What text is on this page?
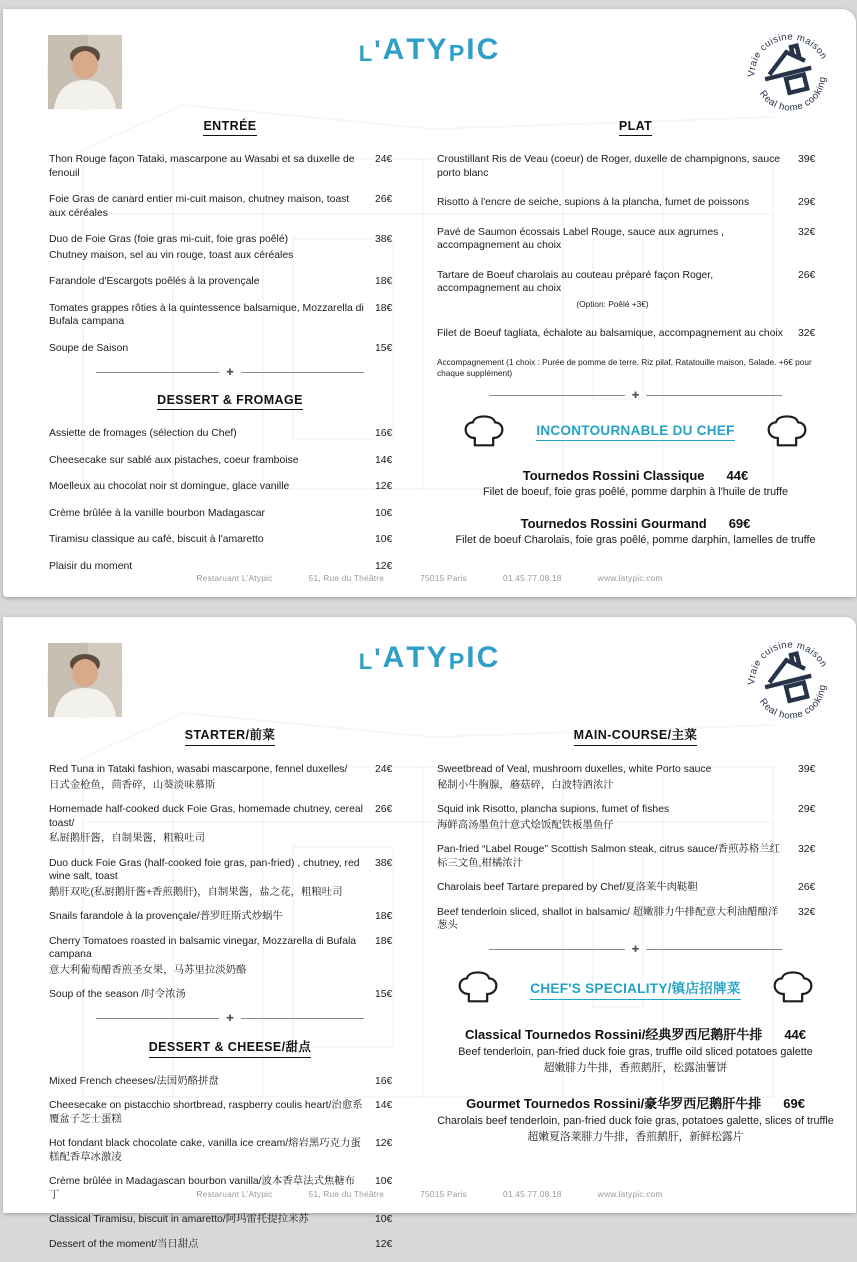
L'ATYPIC
Vraie cuisine maison
Real home cooking
ENTRÉE
Thon Rouge façon Tataki, mascarpone au Wasabi et sa duxelle de fenouil
24€
Foie Gras de canard entier mi-cuit maison, chutney maison, toast aux céréales
26€
Duo de Foie Gras (foie gras mi-cuit, foie gras poêlé)
Chutney maison, sel au vin rouge, toast aux céréales
38€
Farandole d'Escargots poêlés à la provençale	18€
Tomates grappes rôties à la quintessence balsamique, Mozzarella di Bufala campana
18€
Soupe de Saison	15€
✚
DESSERT & FROMAGE
Assiette de fromages (sélection du Chef)	16€
Cheesecake sur sablé aux pistaches, coeur framboise	14€
Moelleux au chocolat noir st domingue, glace vanille	12€
Crème brûlée à la vanille bourbon Madagascar	10€
Tiramisu classique au café, biscuit à l'amaretto	10€
Plaisir du moment	12€
PLAT
Croustillant Ris de Veau (coeur) de Roger, duxelle de champignons, sauce porto blanc
39€
Risotto à l'encre de seiche, supions à la plancha, fumet de poissons	29€
Pavé de Saumon écossais Label Rouge, sauce aux agrumes , accompagnement au choix
32€
Tartare de Boeuf charolais au couteau préparé façon Roger, accompagnement au choix
(Option: Poêlé +3€)
26€
Filet de Boeuf tagliata, échalote au balsamique, accompagnement au choix	32€
Accompagnement (1 choix : Purée de pomme de terre, Riz pilaf, Ratatouille maison, Salade. +6€ pour chaque supplément)
✚
INCONTOURNABLE DU CHEF
Tournedos Rossini Classique 44€
Filet de boeuf, foie gras poêlé, pomme darphin à l'huile de truffe
Tournedos Rossini Gourmand 69€
Filet de boeuf Charolais, foie gras poêlé, pomme darphin, lamelles de truffe
Restaruant L'Atypic	51, Rue du Théâtre	75015 Paris	01.45.77.08.18	www.latypic.com
L'ATYPIC
Vraie cuisine maison
Real home cooking
STARTER/前菜
Red Tuna in Tataki fashion, wasabi mascarpone, fennel duxelles/
日式金枪鱼，茴香碎，山葵淡味慕斯
24€
Homemade half-cooked duck Foie Gras, homemade chutney, cereal toast/
私厨鹅肝酱，自制果酱，粗粮吐司
26€
Duo duck Foie Gras (half-cooked foie gras, pan-fried) , chutney, red wine salt, toast
鹅肝双吃(私厨鹅肝酱+香煎鹅肝)，自制果酱，盐之花，粗粮吐司
38€
Snails farandole à la provençale/普罗旺斯式炒蜗牛	18€
Cherry Tomatoes roasted in balsamic vinegar, Mozzarella di Bufala campana
意大利葡萄醋香煎圣女果，马苏里拉淡奶酪
18€
Soup of the season /时令浓汤	15€
✚
DESSERT & CHEESE/甜点
Mixed French cheeses/法国奶酪拼盘	16€
Cheesecake on pistacchio shortbread, raspberry coulis heart/治愈系覆盆子芝士蛋糕
14€
Hot fondant black chocolate cake, vanilla ice cream/熔岩黑巧克力蛋糕配香草冰激凌
12€
Crème brûlée in Madagascan bourbon vanilla/波本香草法式焦糖布丁
10€
Classical Tiramisu, biscuit in amaretto/阿玛雷托提拉米苏	10€
Dessert of the moment/当日甜点	12€
MAIN-COURSE/主菜
Sweetbread of Veal, mushroom duxelles, white Porto sauce
秘制小牛胸腺，蘑菇碎，白波特酒浓汁
39€
Squid ink Risotto, plancha supions, fumet of fishes
海鲜高汤墨鱼汁意式烩饭配铁板墨鱼仔
29€
Pan-fried “Label Rouge” Scottish Salmon steak, citrus sauce/香煎苏格兰红标三文鱼,柑橘浓汁
32€
Charolais beef Tartare prepared by Chef/夏洛莱牛肉鞑靼	26€
Beef tenderloin sliced, shallot in balsamic/ 超嫩腓力牛排配意大利油醋酿洋葱头
32€
✚
CHEF'S SPECIALITY/镇店招牌菜
Classical Tournedos Rossini/经典罗西尼鹅肝牛排 44€
Beef tenderloin, pan-fried duck foie gras, truffle oild sliced potatoes galette
超嫩腓力牛排，香煎鹅肝，松露油薯饼
Gourmet Tournedos Rossini/豪华罗西尼鹅肝牛排 69€
Charolais beef tenderloin, pan-fried duck foie gras, potatoes galette, slices of truffle
超嫩夏洛莱腓力牛排，香煎鹅肝，新鲜松露片
Restaruant L'Atypic	51, Rue du Théâtre	75015 Paris	01.45.77.08.18	www.latypic.com
